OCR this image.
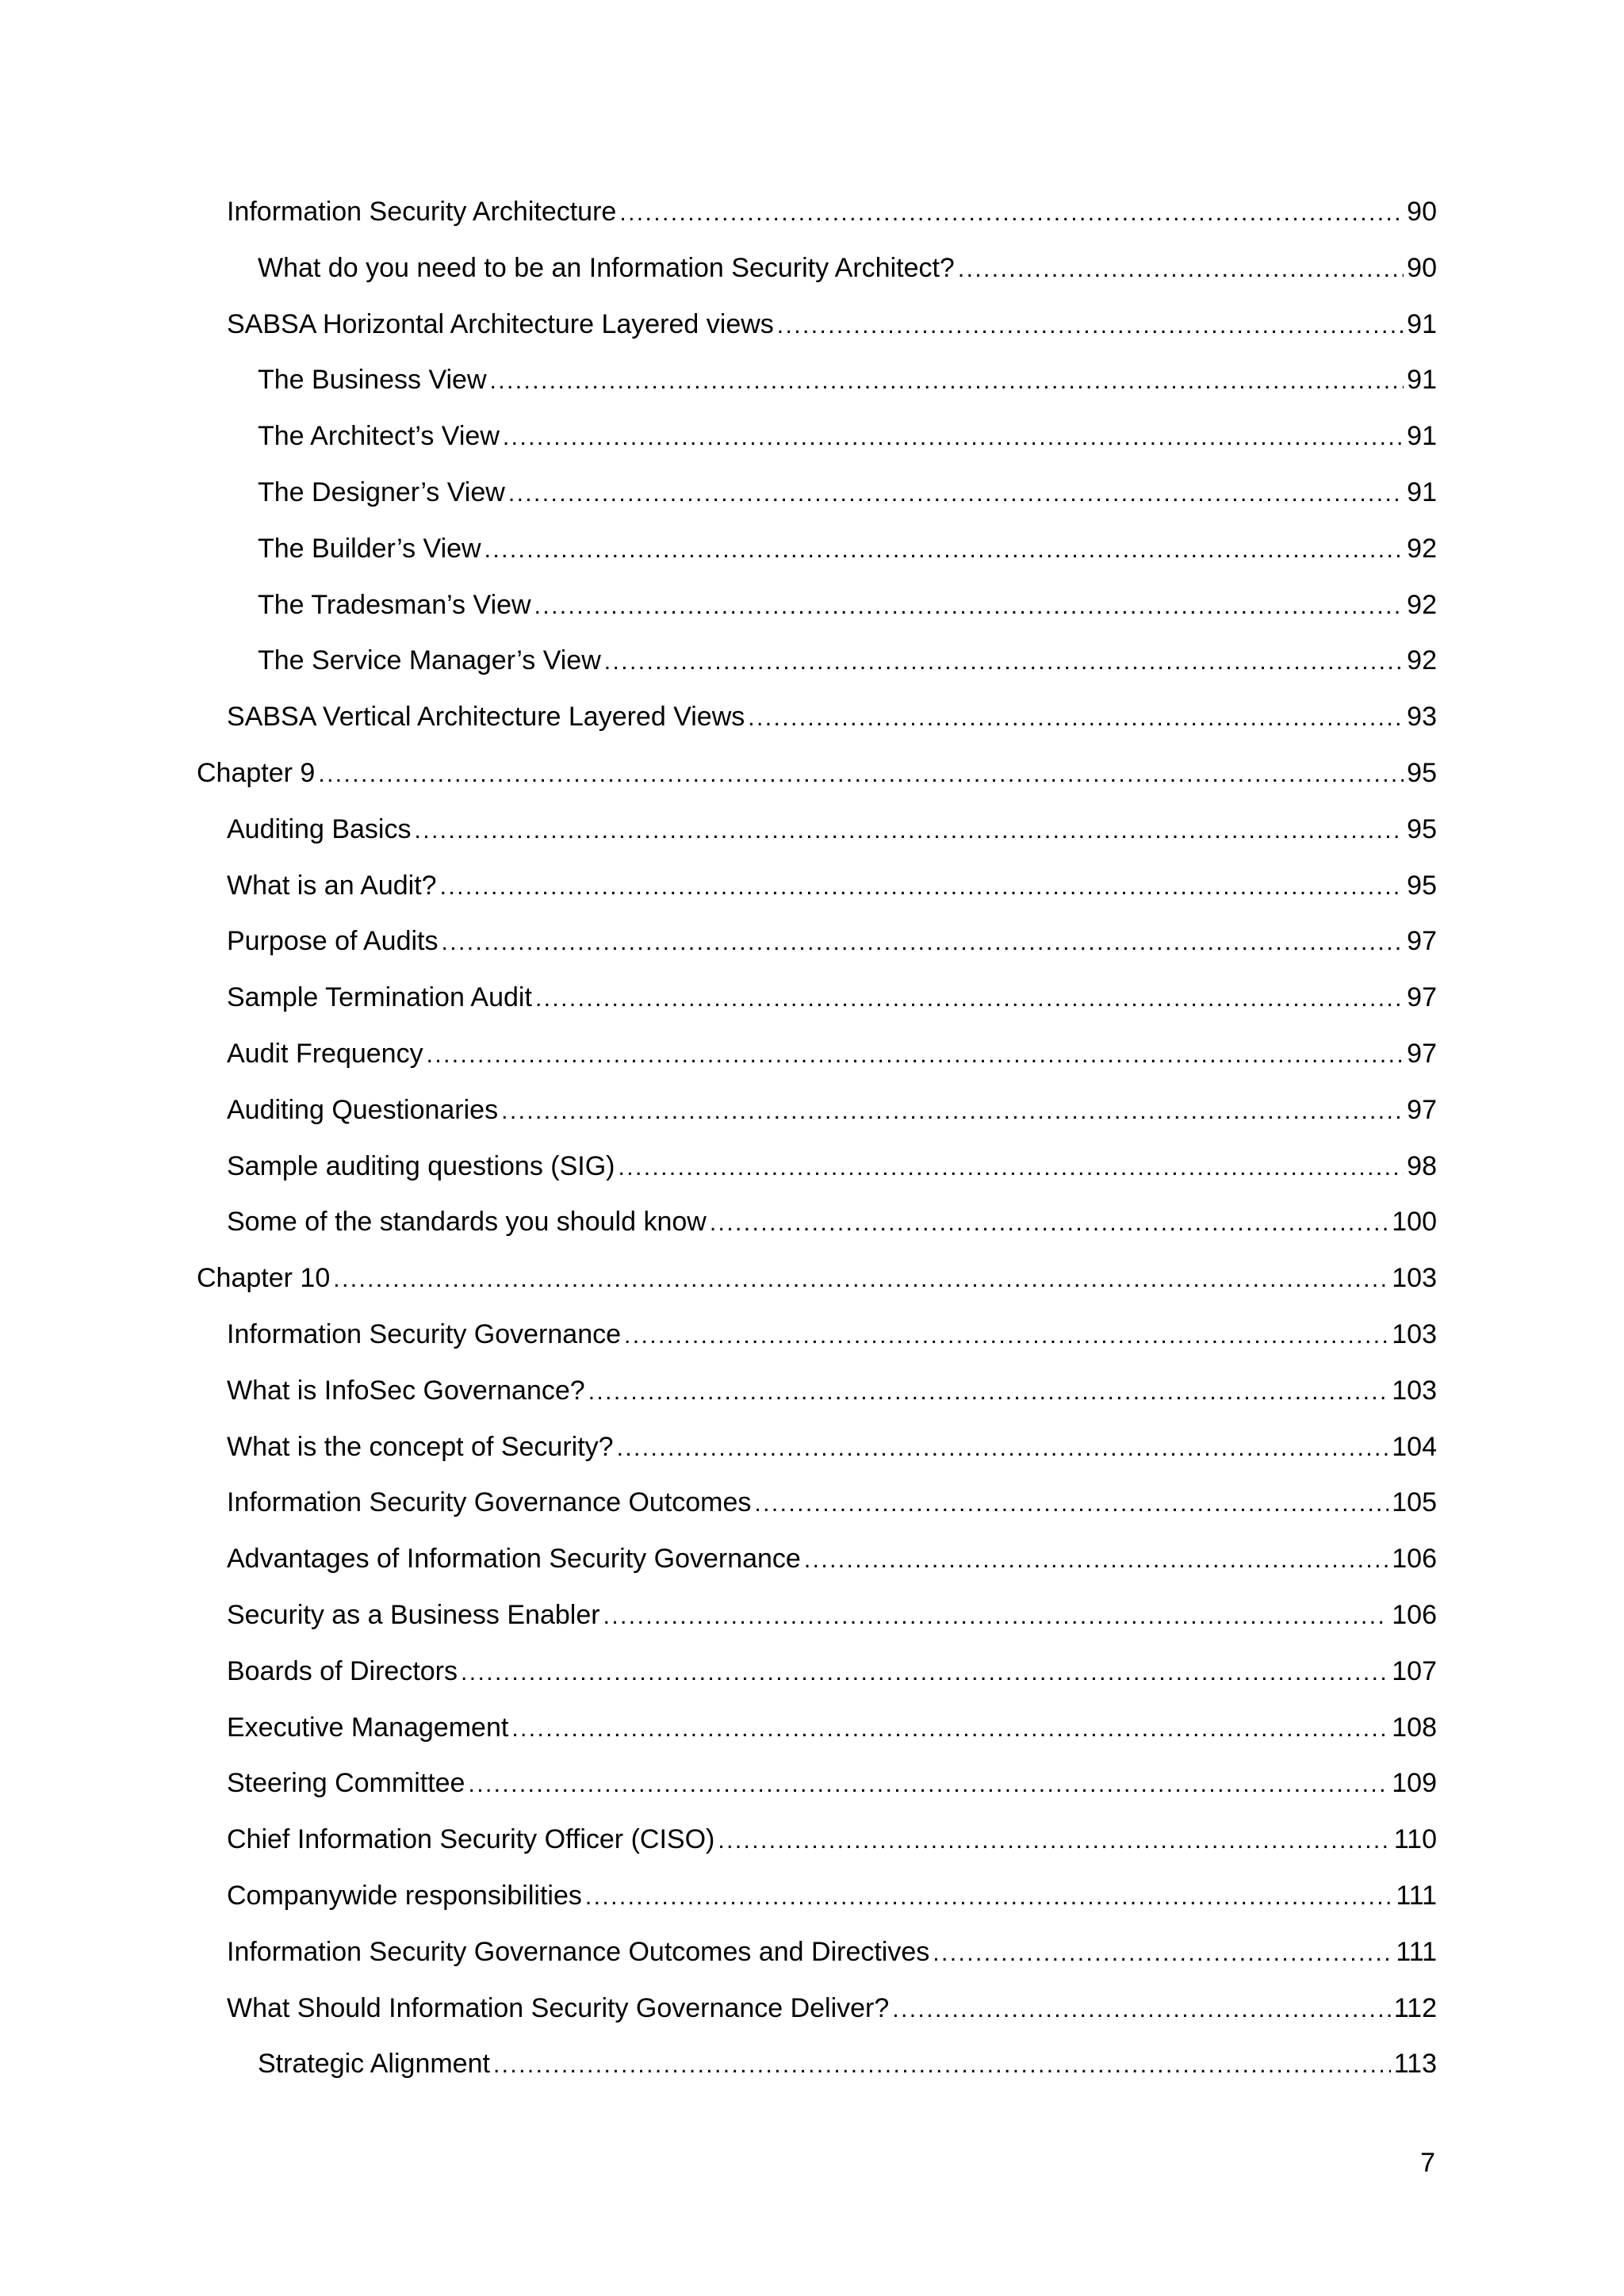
Information Security Architecture .....	90
What do you need to be an Information Security Architect? .....	90
SABSA Horizontal Architecture Layered views .....	91
The Business View .....	91
The Architect’s View .....	91
The Designer’s View .....	91
The Builder’s View .....	92
The Tradesman’s View .....	92
The Service Manager’s View .....	92
SABSA Vertical Architecture Layered Views .....	93
Chapter 9 .....	95
Auditing Basics .....	95
What is an Audit? .....	95
Purpose of Audits .....	97
Sample Termination Audit .....	97
Audit Frequency .....	97
Auditing Questionaries .....	97
Sample auditing questions (SIG) .....	98
Some of the standards you should know .....	100
Chapter 10 .....	103
Information Security Governance .....	103
What is InfoSec Governance? .....	103
What is the concept of Security? .....	104
Information Security Governance Outcomes .....	105
Advantages of Information Security Governance .....	106
Security as a Business Enabler .....	106
Boards of Directors .....	107
Executive Management .....	108
Steering Committee .....	109
Chief Information Security Officer (CISO) .....	110
Companywide responsibilities .....	111
Information Security Governance Outcomes and Directives .....	111
What Should Information Security Governance Deliver? .....	112
Strategic Alignment .....	113
7
